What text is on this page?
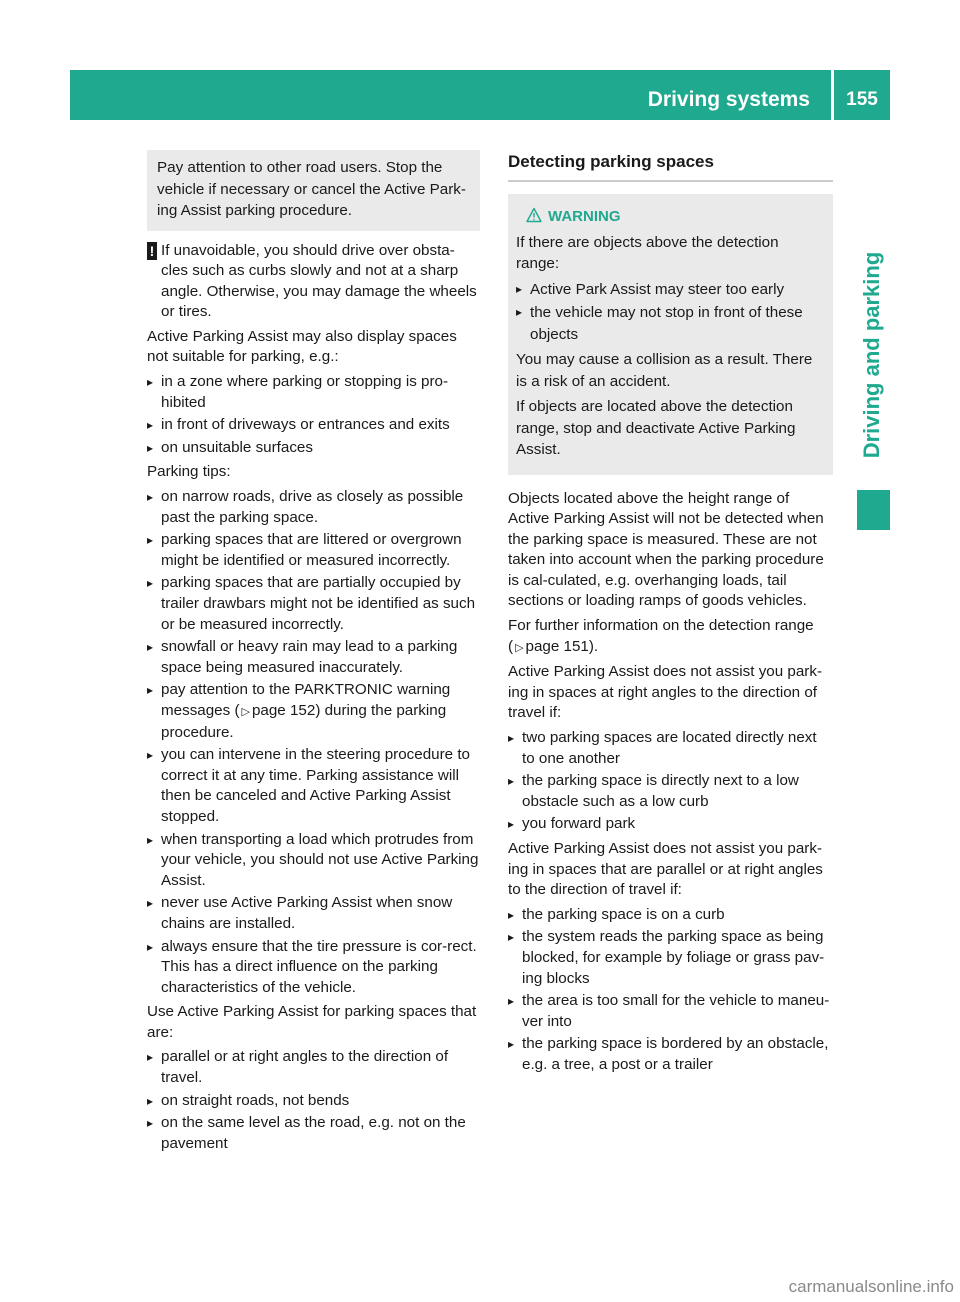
Driving systems	155
Driving and parking
Pay attention to other road users. Stop the vehicle if necessary or cancel the Active Park-ing Assist parking procedure.

! If unavoidable, you should drive over obsta-cles such as curbs slowly and not at a sharp angle. Otherwise, you may damage the wheels or tires.

Active Parking Assist may also display spaces not suitable for parking, e.g.:

▸ in a zone where parking or stopping is pro-hibited
▸ in front of driveways or entrances and exits
▸ on unsuitable surfaces

Parking tips:

▸ on narrow roads, drive as closely as possible past the parking space.
▸ parking spaces that are littered or overgrown might be identified or measured incorrectly.
▸ parking spaces that are partially occupied by trailer drawbars might not be identified as such or be measured incorrectly.
▸ snowfall or heavy rain may lead to a parking space being measured inaccurately.
▸ pay attention to the PARKTRONIC warning messages ( ▷ page 152) during the parking procedure.
▸ you can intervene in the steering procedure to correct it at any time. Parking assistance will then be canceled and Active Parking Assist stopped.
▸ when transporting a load which protrudes from your vehicle, you should not use Active Parking Assist.
▸ never use Active Parking Assist when snow chains are installed.
▸ always ensure that the tire pressure is cor-rect. This has a direct influence on the parking characteristics of the vehicle.

Use Active Parking Assist for parking spaces that are:

▸ parallel or at right angles to the direction of travel.
▸ on straight roads, not bends
▸ on the same level as the road, e.g. not on the pavement
Detecting parking spaces
WARNING

If there are objects above the detection range:

▸ Active Park Assist may steer too early
▸ the vehicle may not stop in front of these objects

You may cause a collision as a result. There is a risk of an accident.

If objects are located above the detection range, stop and deactivate Active Parking Assist.

Objects located above the height range of Active Parking Assist will not be detected when the parking space is measured. These are not taken into account when the parking procedure is cal-culated, e.g. overhanging loads, tail sections or loading ramps of goods vehicles.

For further information on the detection range
( ▷ page 151).

Active Parking Assist does not assist you park-ing in spaces at right angles to the direction of travel if:

▸ two parking spaces are located directly next to one another
▸ the parking space is directly next to a low obstacle such as a low curb
▸ you forward park

Active Parking Assist does not assist you park-ing in spaces that are parallel or at right angles to the direction of travel if:

▸ the parking space is on a curb
▸ the system reads the parking space as being blocked, for example by foliage or grass pav-ing blocks
▸ the area is too small for the vehicle to maneu-ver into
▸ the parking space is bordered by an obstacle, e.g. a tree, a post or a trailer
carmanualsonline.info
